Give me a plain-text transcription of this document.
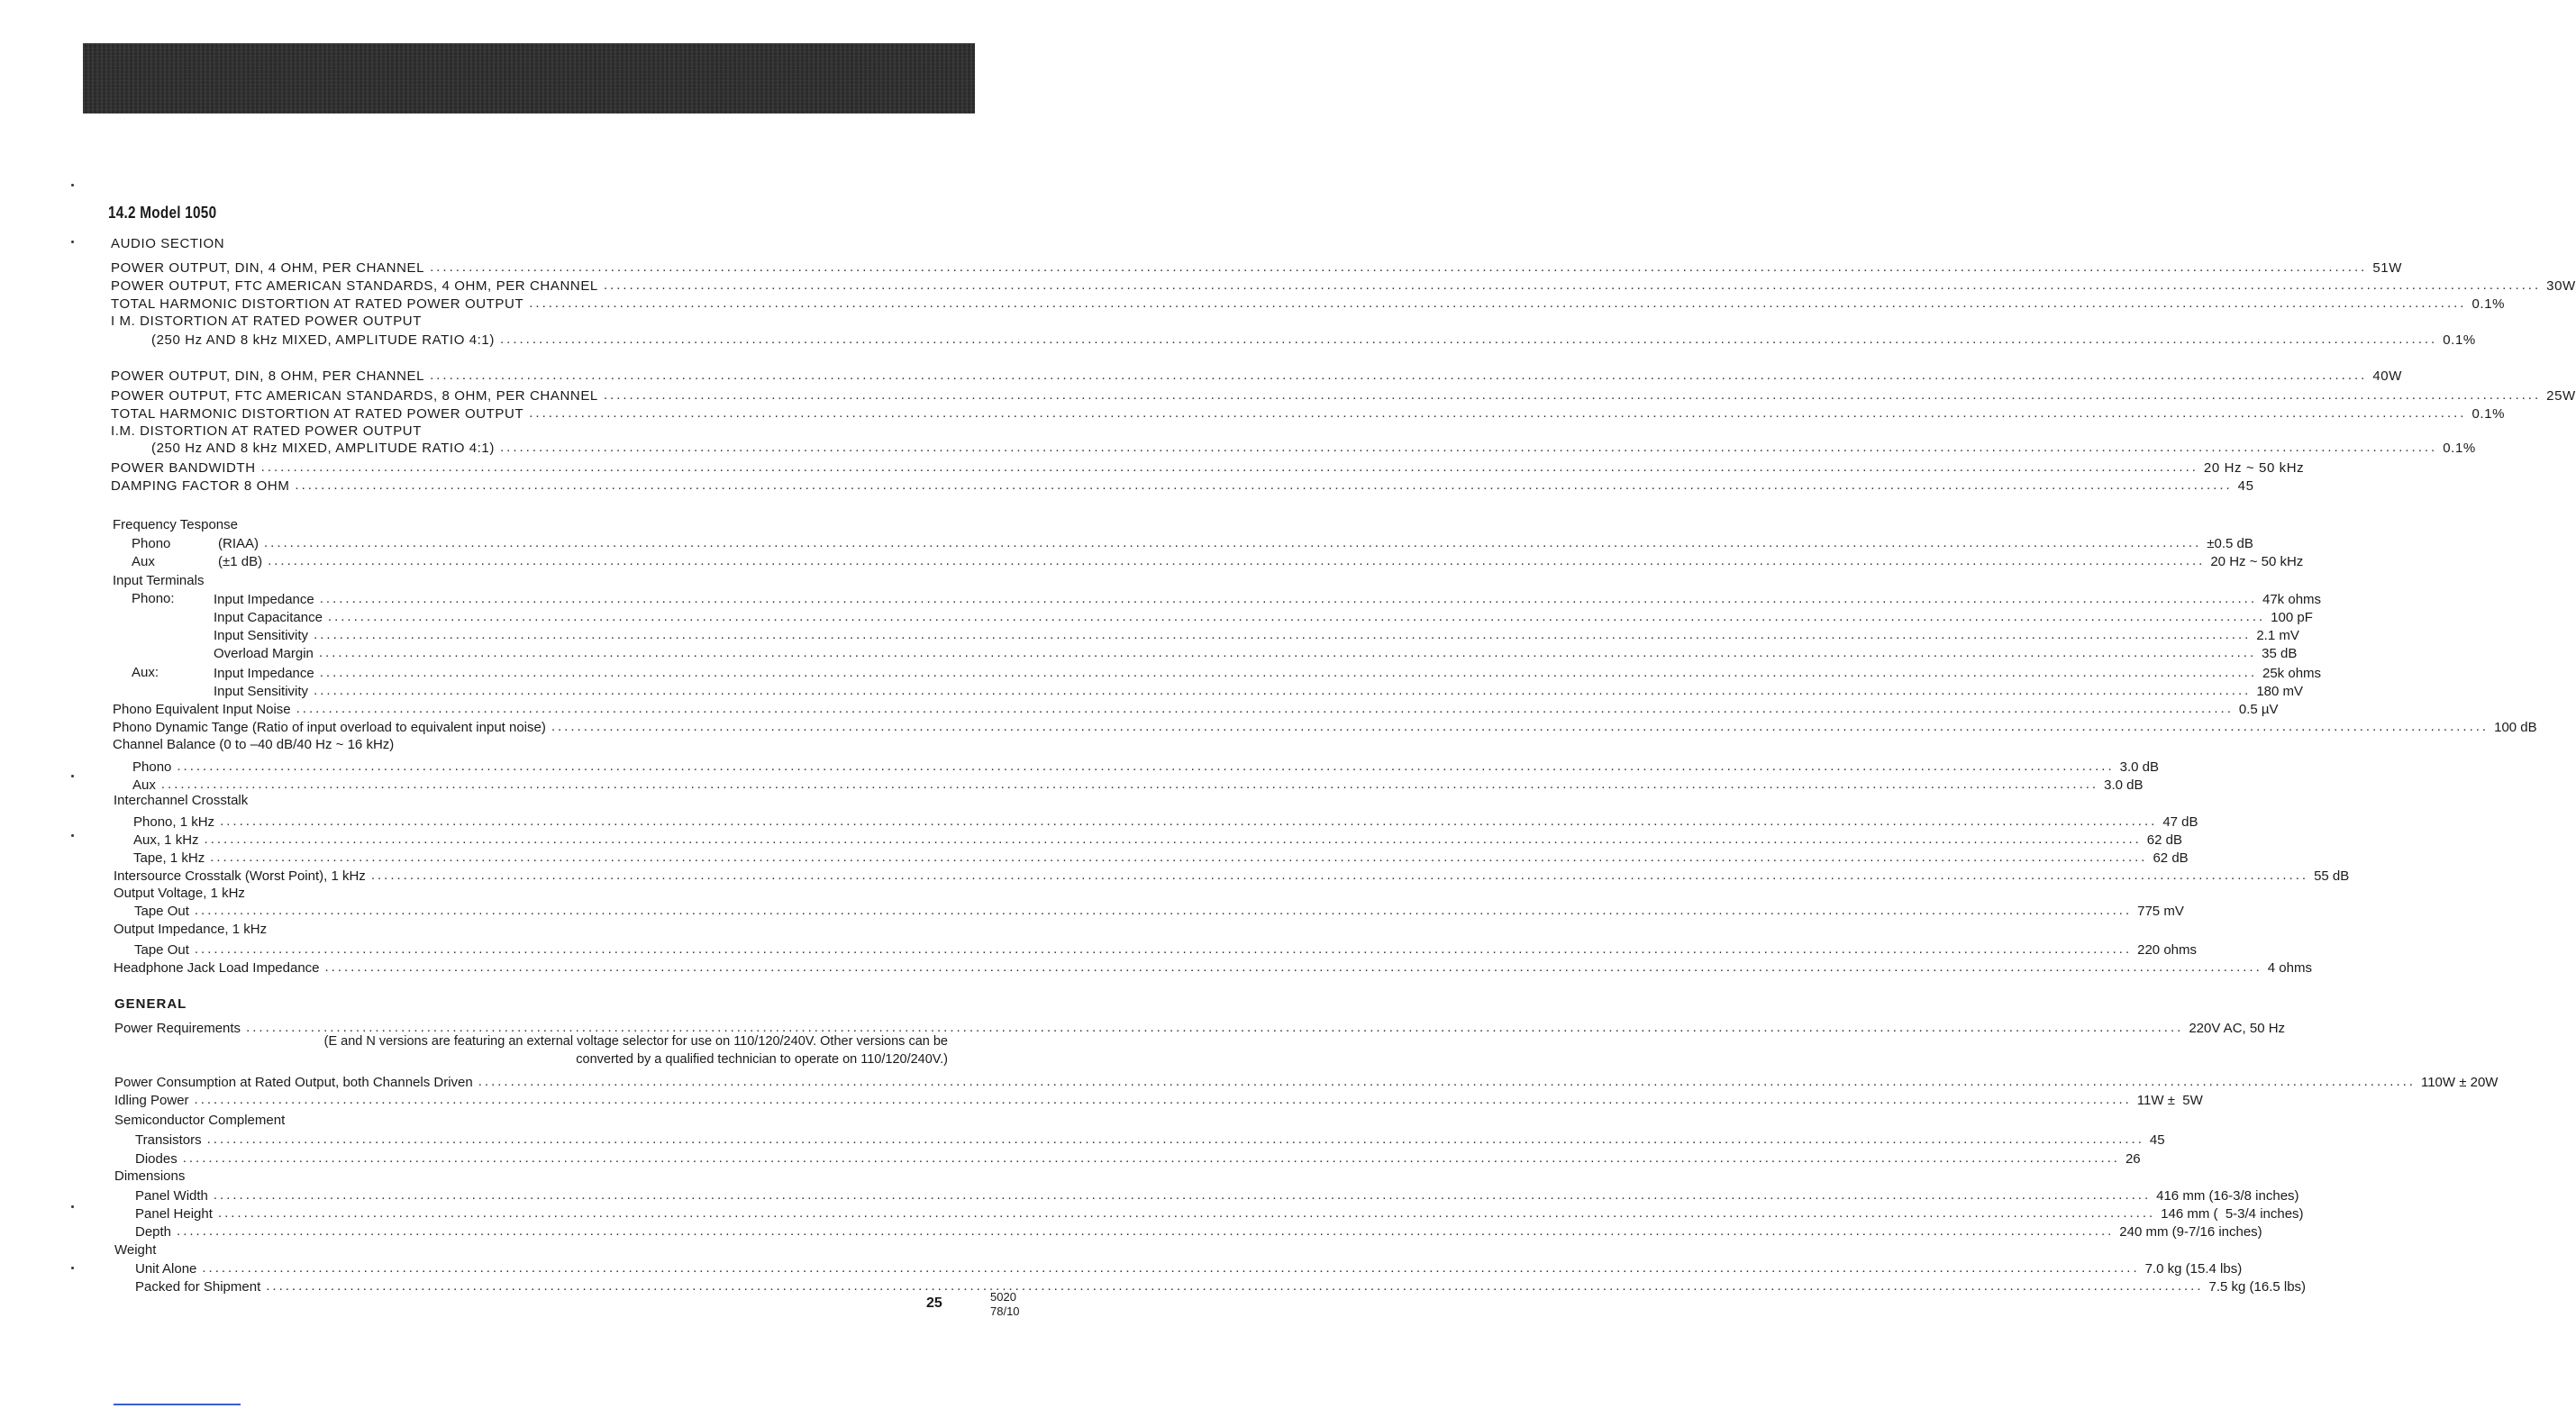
14.2 Model 1050
AUDIO SECTION
POWER OUTPUT, DIN, 4 OHM, PER CHANNEL ............................................................................................................................................................................................................................................................................................................ 51W
POWER OUTPUT, FTC AMERICAN STANDARDS, 4 OHM, PER CHANNEL ............................................................................................................................................................................................................................................................................................................ 30W
TOTAL HARMONIC DISTORTION AT RATED POWER OUTPUT ............................................................................................................................................................................................................................................................................................................ 0.1%
I M. DISTORTION AT RATED POWER OUTPUT
(250 Hz AND 8 kHz MIXED, AMPLITUDE RATIO 4:1) ............................................................................................................................................................................................................................................................................................................ 0.1%
POWER OUTPUT, DIN, 8 OHM, PER CHANNEL ............................................................................................................................................................................................................................................................................................................ 40W
POWER OUTPUT, FTC AMERICAN STANDARDS, 8 OHM, PER CHANNEL ............................................................................................................................................................................................................................................................................................................ 25W
TOTAL HARMONIC DISTORTION AT RATED POWER OUTPUT ............................................................................................................................................................................................................................................................................................................ 0.1%
I.M. DISTORTION AT RATED POWER OUTPUT
(250 Hz AND 8 kHz MIXED, AMPLITUDE RATIO 4:1) ............................................................................................................................................................................................................................................................................................................ 0.1%
POWER BANDWIDTH ............................................................................................................................................................................................................................................................................................................ 20 Hz ~ 50 kHz
DAMPING FACTOR 8 OHM ............................................................................................................................................................................................................................................................................................................ 45
Frequency Tesponse
Phono	(RIAA) ............................................................................................................................................................................................................................................................................................................ ±0.5 dB
Aux	(±1 dB) ............................................................................................................................................................................................................................................................................................................ 20 Hz ~ 50 kHz
Input Terminals
Phono:	Input Impedance ............................................................................................................................................................................................................................................................................................................ 47k ohms
Input Capacitance ............................................................................................................................................................................................................................................................................................................ 100 pF
Input Sensitivity ............................................................................................................................................................................................................................................................................................................ 2.1 mV
Overload Margin ............................................................................................................................................................................................................................................................................................................ 35 dB
Aux:	Input Impedance ............................................................................................................................................................................................................................................................................................................ 25k ohms
Input Sensitivity ............................................................................................................................................................................................................................................................................................................ 180 mV
Phono Equivalent Input Noise ............................................................................................................................................................................................................................................................................................................ 0.5 µV
Phono Dynamic Tange (Ratio of input overload to equivalent input noise) ............................................................................................................................................................................................................................................................................................................ 100 dB
Channel Balance (0 to –40 dB/40 Hz ~ 16 kHz)
Phono ............................................................................................................................................................................................................................................................................................................ 3.0 dB
Aux ............................................................................................................................................................................................................................................................................................................ 3.0 dB
Interchannel Crosstalk
Phono, 1 kHz ............................................................................................................................................................................................................................................................................................................ 47 dB
Aux, 1 kHz ............................................................................................................................................................................................................................................................................................................ 62 dB
Tape, 1 kHz ............................................................................................................................................................................................................................................................................................................ 62 dB
Intersource Crosstalk (Worst Point), 1 kHz ............................................................................................................................................................................................................................................................................................................ 55 dB
Output Voltage, 1 kHz
Tape Out ............................................................................................................................................................................................................................................................................................................ 775 mV
Output Impedance, 1 kHz
Tape Out ............................................................................................................................................................................................................................................................................................................ 220 ohms
Headphone Jack Load Impedance ............................................................................................................................................................................................................................................................................................................ 4 ohms
GENERAL
Power Requirements ............................................................................................................................................................................................................................................................................................................ 220V AC, 50 Hz
(E and N versions are featuring an external voltage selector for use on 110/120/240V. Other versions can be
converted by a qualified technician to operate on 110/120/240V.)
Power Consumption at Rated Output, both Channels Driven ............................................................................................................................................................................................................................................................................................................ 110W ± 20W
Idling Power ............................................................................................................................................................................................................................................................................................................ 11W ±  5W
Semiconductor Complement
Transistors ............................................................................................................................................................................................................................................................................................................ 45
Diodes ............................................................................................................................................................................................................................................................................................................ 26
Dimensions
Panel Width ............................................................................................................................................................................................................................................................................................................ 416 mm (16-3/8 inches)
Panel Height ............................................................................................................................................................................................................................................................................................................ 146 mm (  5-3/4 inches)
Depth ............................................................................................................................................................................................................................................................................................................ 240 mm (9-7/16 inches)
Weight
Unit Alone ............................................................................................................................................................................................................................................................................................................ 7.0 kg (15.4 lbs)
Packed for Shipment ............................................................................................................................................................................................................................................................................................................ 7.5 kg (16.5 lbs)
25	5020
78/10
